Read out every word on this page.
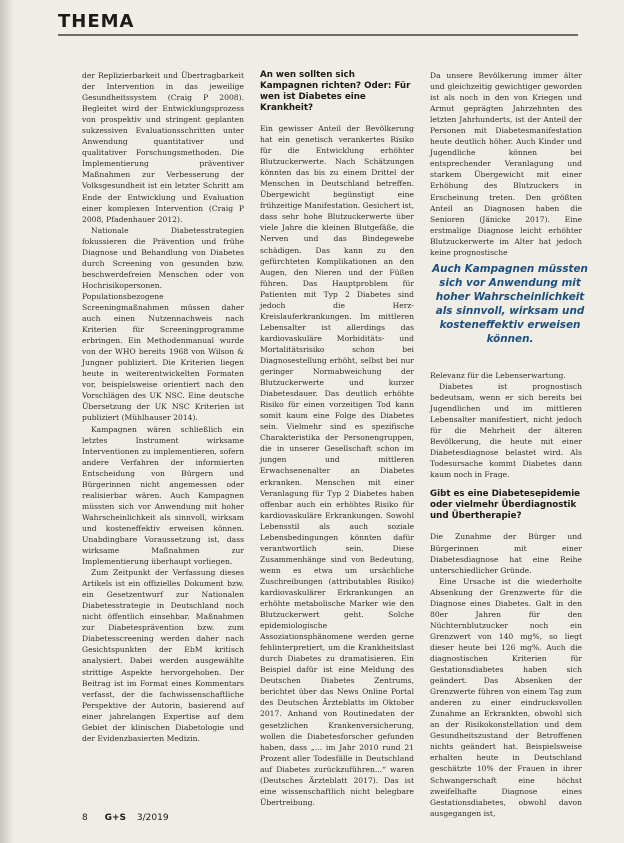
THEMA

der Replizierbarkeit und Übertragbarkeit der Intervention in das jeweilige Gesundheitssystem (Craig P 2008). Begleitet wird der Entwicklungsprozess von prospektiv und stringent geplanten sukzessiven Evaluationsschritten unter Anwendung quantitativer und qualitativer Forschungsmethoden. Die Implementierung präventiver Maßnahmen zur Verbesserung der Volksgesundheit ist ein letzter Schritt am Ende der Entwicklung und Evaluation einer komplexen Intervention (Craig P 2008, Pfadenhauer 2012).

Nationale Diabetesstrategien fokussieren die Prävention und frühe Diagnose und Behandlung von Diabetes durch Screening von gesunden bzw. beschwerdefreien Menschen oder von Hochrisikopersonen. Populationsbezogene Screeningmaßnahmen müssen daher auch einen Nutzennachweis nach Kriterien für Screeningprogramme erbringen. Ein Methodenmanual wurde von der WHO bereits 1968 von Wilson & Jungner publiziert. Die Kriterien liegen heute in weiterentwickelten Formaten vor, beispielsweise orientiert nach den Vorschlägen des UK NSC. Eine deutsche Übersetzung der UK NSC Kriterien ist publiziert (Mühlhauser 2014).

Kampagnen wären schließlich ein letztes Instrument wirksame Interventionen zu implementieren, sofern andere Verfahren der informierten Entscheidung von Bürgern und Bürgerinnen nicht angemessen oder realisierbar wären. Auch Kampagnen müssten sich vor Anwendung mit hoher Wahrscheinlichkeit als sinnvoll, wirksam und kosteneffektiv erweisen können. Unabdingbare Voraussetzung ist, dass wirksame Maßnahmen zur Implementierung überhaupt vorliegen.

Zum Zeitpunkt der Verfassung dieses Artikels ist ein offizielles Dokument bzw. ein Gesetzentwurf zur Nationalen Diabetesstrategie in Deutschland noch nicht öffentlich einsehbar. Maßnahmen zur Diabetesprävention bzw. zum Diabetesscreening werden daher nach Gesichtspunkten der EbM kritisch analysiert. Dabei werden ausgewählte strittige Aspekte hervorgehoben. Der Beitrag ist im Format eines Kommentars verfasst, der die fachwissenschaftliche Perspektive der Autorin, basierend auf einer jahrelangen Expertise auf dem Gebiet der klinischen Diabetologie und der Evidenzbasierten Medizin.

An wen sollten sich Kampagnen richten? Oder: Für wen ist Diabetes eine Krankheit?

Ein gewisser Anteil der Bevölkerung hat ein genetisch verankertes Risiko für die Entwicklung erhöhter Blutzuckerwerte. Nach Schätzungen könnten das bis zu einem Drittel der Menschen in Deutschland betreffen. Übergewicht begünstigt eine frühzeitige Manifestation. Gesichert ist, dass sehr hohe Blutzuckerwerte über viele Jahre die kleinen Blutgefäße, die Nerven und das Bindegewebe schädigen. Das kann zu den gefürchteten Komplikationen an den Augen, den Nieren und der Füßen führen. Das Hauptproblem für Patienten mit Typ 2 Diabetes sind jedoch die Herz-Kreislauferkrankungen. Im mittleren Lebensalter ist allerdings das kardiovaskuläre Morbiditäts- und Mortalitätsrisiko schon bei Diagnosestellung erhöht, selbst bei nur geringer Normabweichung der Blutzuckerwerte und kurzer Diabetesdauer. Das deutlich erhöhte Risiko für einen vorzeitigen Tod kann somit kaum eine Folge des Diabetes sein. Vielmehr sind es spezifische Charakteristika der Personengruppen, die in unserer Gesellschaft schon im jungen und mittleren Erwachsenenalter an Diabetes erkranken. Menschen mit einer Veranlagung für Typ 2 Diabetes haben offenbar auch ein erhöhtes Risiko für kardiovaskuläre Erkrankungen. Sowohl Lebensstil als auch soziale Lebensbedingungen könnten dafür verantwortlich sein. Diese Zusammenhänge sind von Bedeutung, wenn es etwa um ursächliche Zuschreibungen (attributables Risiko) kardiovaskulärer Erkrankungen an erhöhte metabolische Marker wie den Blutzuckerwert geht. Solche epidemiologische Assoziationsphänomene werden gerne fehlinterpretiert, um die Krankheitslast durch Diabetes zu dramatisieren. Ein Beispiel dafür ist eine Meldung des Deutschen Diabetes Zentrums, berichtet über das News Online Portal des Deutschen Ärzteblatts im Oktober 2017. Anhand von Routinedaten der gesetzlichen Krankenversicherung, wollen die Diabetesforscher gefunden haben, dass „... im Jahr 2010 rund 21 Prozent aller Todesfälle in Deutschland auf Diabetes zurückzuführen...“ waren (Deutsches Ärzteblatt 2017). Das ist eine wissenschaftlich nicht belegbare Übertreibung.

Da unsere Bevölkerung immer älter und gleichzeitig gewichtiger geworden ist als noch in den von Kriegen und Armut geprägten Jahrzehnten des letzten Jahrhunderts, ist der Anteil der Personen mit Diabetesmanifestation heute deutlich höher. Auch Kinder und Jugendliche können bei entsprechender Veranlagung und starkem Übergewicht mit einer Erhöhung des Blutzuckers in Erscheinung treten. Den größten Anteil an Diagnosen haben die Senioren (Jänicke 2017). Eine erstmalige Diagnose leicht erhöhter Blutzuckerwerte im Alter hat jedoch keine prognostische

Auch Kampagnen müssten sich vor Anwendung mit hoher Wahrscheinlichkeit als sinnvoll, wirksam und kosteneffektiv erweisen können.

Relevanz für die Lebenserwartung.

Diabetes ist prognostisch bedeutsam, wenn er sich bereits bei Jugendlichen und im mittleren Lebensalter manifestiert, nicht jedoch für die Mehrheit der älteren Bevölkerung, die heute mit einer Diabetesdiagnose belastet wird. Als Todesursache kommt Diabetes dann kaum noch in Frage.

Gibt es eine Diabetesepidemie oder vielmehr Überdiagnostik und Übertherapie?

Die Zunahme der Bürger und Bürgerinnen mit einer Diabetesdiagnose hat eine Reihe unterschiedlicher Gründe.

Eine Ursache ist die wiederholte Absenkung der Grenzwerte für die Diagnose eines Diabetes. Galt in den 80er Jahren für den Nüchternblutzucker noch ein Grenzwert von 140 mg%, so liegt dieser heute bei 126 mg%. Auch die diagnostischen Kriterien für Gestationsdiabetes haben sich geändert. Das Absenken der Grenzwerte führen von einem Tag zum anderen zu einer eindrucksvollen Zunahme an Erkrankten, obwohl sich an der Risikokonstellation und dem Gesundheitszustand der Betroffenen nichts geändert hat. Beispielsweise erhalten heute in Deutschland geschätzte 10% der Frauen in ihrer Schwangerschaft eine höchst zweifelhafte Diagnose eines Gestationsdiabetes, obwohl davon ausgegangen ist,

8 G+S 3/2019
